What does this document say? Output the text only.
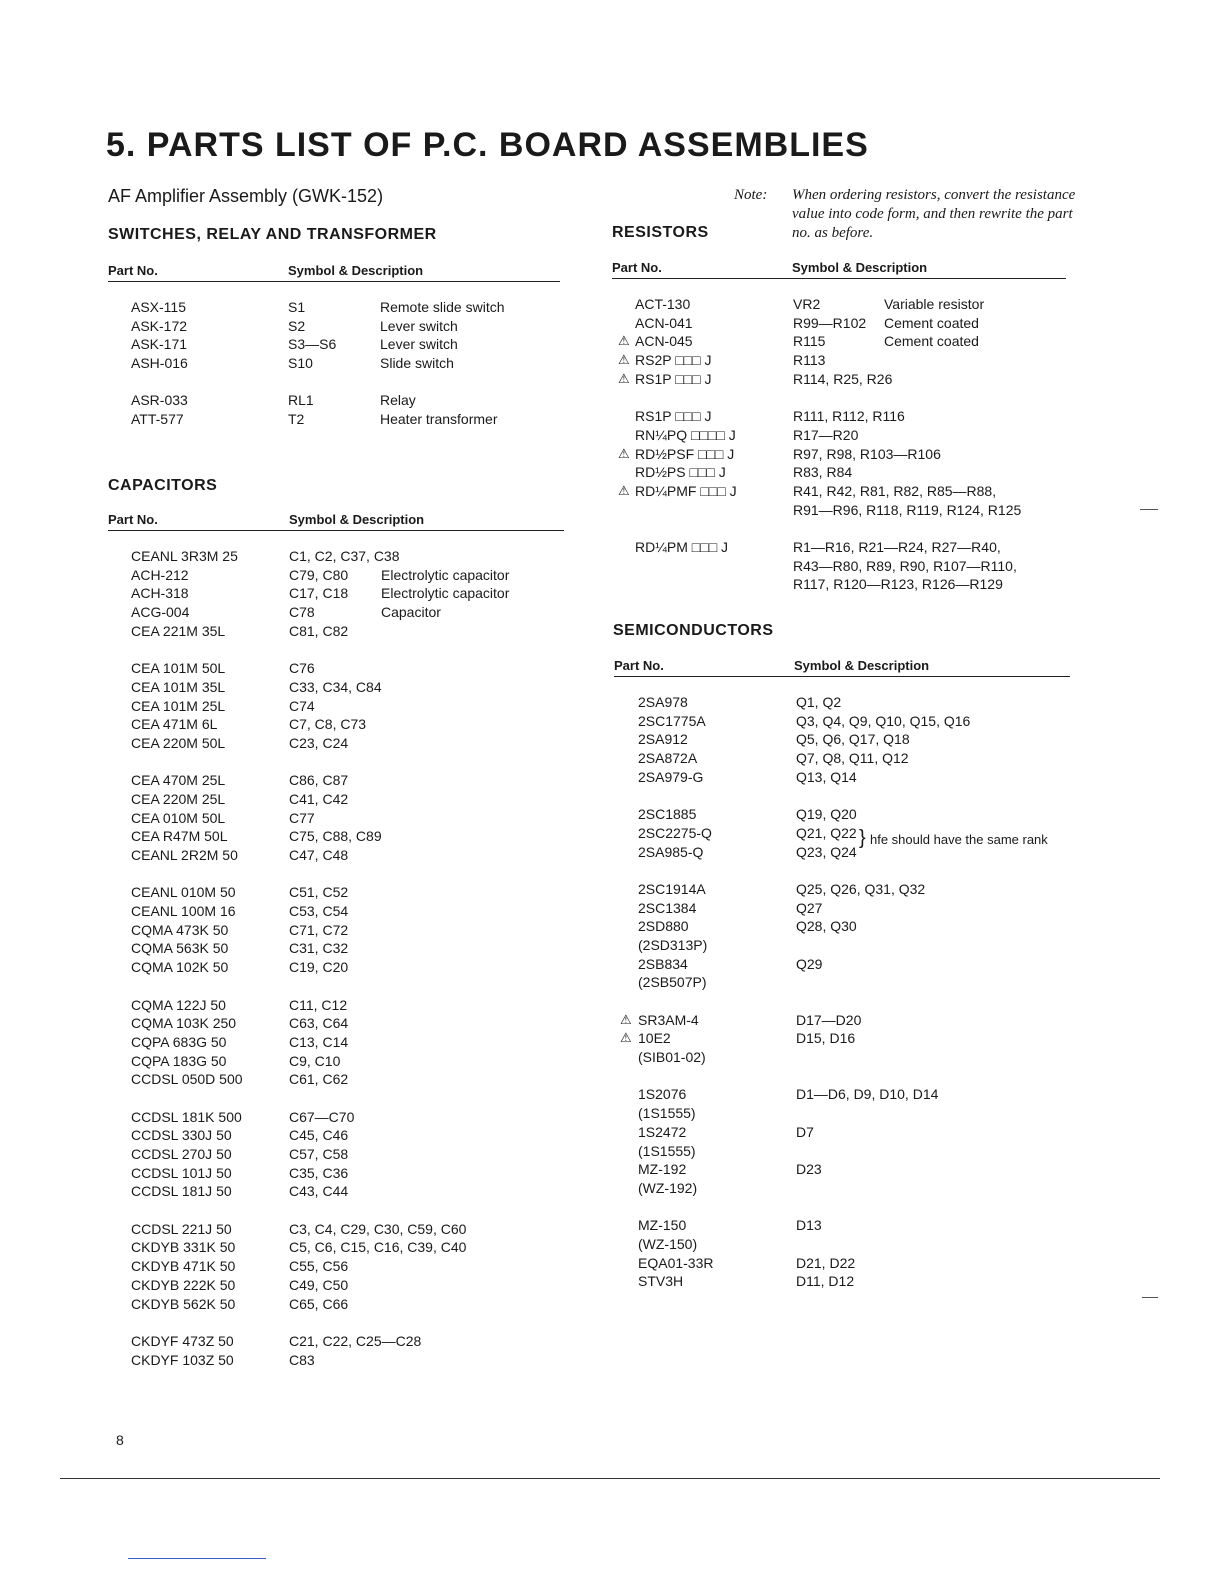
5. PARTS LIST OF P.C. BOARD ASSEMBLIES
AF Amplifier Assembly (GWK-152)	Note: When ordering resistors, convert the resistance value into code form, and then rewrite the part no. as before.
SWITCHES, RELAY AND TRANSFORMER
Part No.	Symbol & Description
ASX-115	S1	Remote slide switch
ASK-172	S2	Lever switch
ASK-171	S3—S6	Lever switch
ASH-016	S10	Slide switch
ASR-033	RL1	Relay
ATT-577	T2	Heater transformer
CAPACITORS
Part No.	Symbol & Description
CEANL 3R3M 25	C1, C2, C37, C38
ACH-212	C79, C80 Electrolytic capacitor
ACH-318	C17, C18 Electrolytic capacitor
ACG-004	C78	Capacitor
CEA 221M 35L	C81, C82
CEA 101M 50L	C76
CEA 101M 35L	C33, C34, C84
CEA 101M 25L	C74
CEA 471M 6L	C7, C8, C73
CEA 220M 50L	C23, C24
CEA 470M 25L	C86, C87
CEA 220M 25L	C41, C42
CEA 010M 50L	C77
CEA R47M 50L	C75, C88, C89
CEANL 2R2M 50	C47, C48
CEANL 010M 50	C51, C52
CEANL 100M 16	C53, C54
CQMA 473K 50	C71, C72
CQMA 563K 50	C31, C32
CQMA 102K 50	C19, C20
CQMA 122J 50	C11, C12
CQMA 103K 250	C63, C64
CQPA 683G 50	C13, C14
CQPA 183G 50	C9, C10
CCDSL 050D 500	C61, C62
CCDSL 181K 500	C67—C70
CCDSL 330J 50	C45, C46
CCDSL 270J 50	C57, C58
CCDSL 101J 50	C35, C36
CCDSL 181J 50	C43, C44
CCDSL 221J 50	C3, C4, C29, C30, C59, C60
CKDYB 331K 50	C5, C6, C15, C16, C39, C40
CKDYB 471K 50	C55, C56
CKDYB 222K 50	C49, C50
CKDYB 562K 50	C65, C66
CKDYF 473Z 50	C21, C22, C25—C28
CKDYF 103Z 50	C83
RESISTORS
Part No.	Symbol & Description
ACT-130	VR2	Variable resistor
ACN-041	R99—R102 Cement coated
⚠ ACN-045	R115	Cement coated
⚠ RS2P □□□ J	R113
⚠ RS1P □□□ J	R114, R25, R26
RS1P □□□ J	R111, R112, R116
RN¼PQ □□□□ J	R17—R20
⚠ RD½PSF □□□ J	R97, R98, R103—R106
RD½PS □□□ J	R83, R84
⚠ RD¼PMF □□□ J	R41, R42, R81, R82, R85—R88,
R91—R96, R118, R119, R124, R125
RD¼PM □□□ J	R1—R16, R21—R24, R27—R40,
R43—R80, R89, R90, R107—R110,
R117, R120—R123, R126—R129
SEMICONDUCTORS
Part No.	Symbol & Description
2SA978	Q1, Q2
2SC1775A	Q3, Q4, Q9, Q10, Q15, Q16
2SA912	Q5, Q6, Q17, Q18
2SA872A	Q7, Q8, Q11, Q12
2SA979-G	Q13, Q14
2SC1885	Q19, Q20
2SC2275-Q	Q21, Q22
2SA985-Q	Q23, Q24
2SC1914A	Q25, Q26, Q31, Q32
2SC1384	Q27
2SD880	Q28, Q30
(2SD313P)
2SB834	Q29
(2SB507P)
⚠ SR3AM-4	D17—D20
⚠ 10E2	D15, D16
(SIB01-02)
1S2076	D1—D6, D9, D10, D14
(1S1555)
1S2472	D7
(1S1555)
MZ-192	D23
(WZ-192)
MZ-150	D13
(WZ-150)
EQA01-33R	D21, D22
STV3H	D11, D12
} hfe should have the same rank
8
